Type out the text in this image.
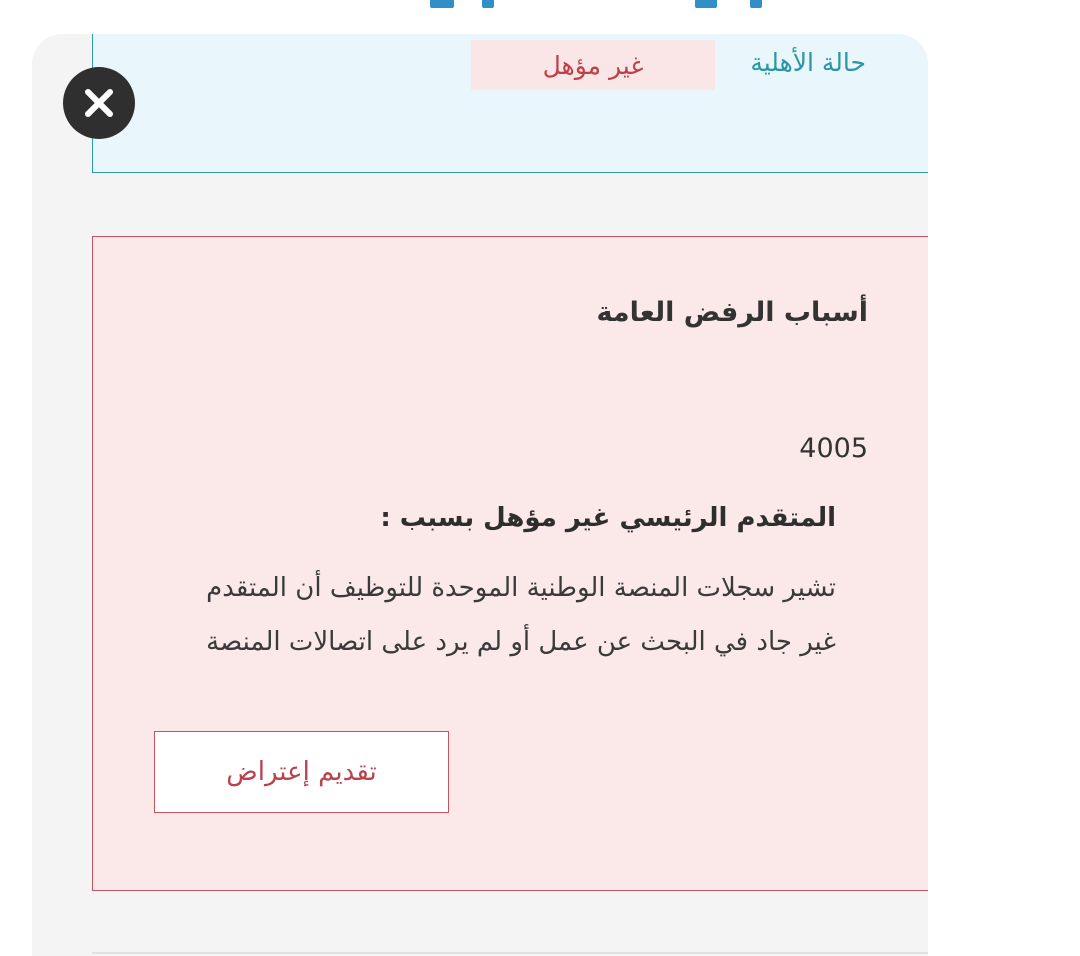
حالة الأهلية
غير مؤهل
أسباب الرفض العامة
4005
المتقدم الرئيسي غير مؤهل بسبب :
تشير سجلات المنصة الوطنية الموحدة للتوظيف أن المتقدم غير جاد في البحث عن عمل أو لم يرد على اتصالات المنصة
تقديم إعتراض
